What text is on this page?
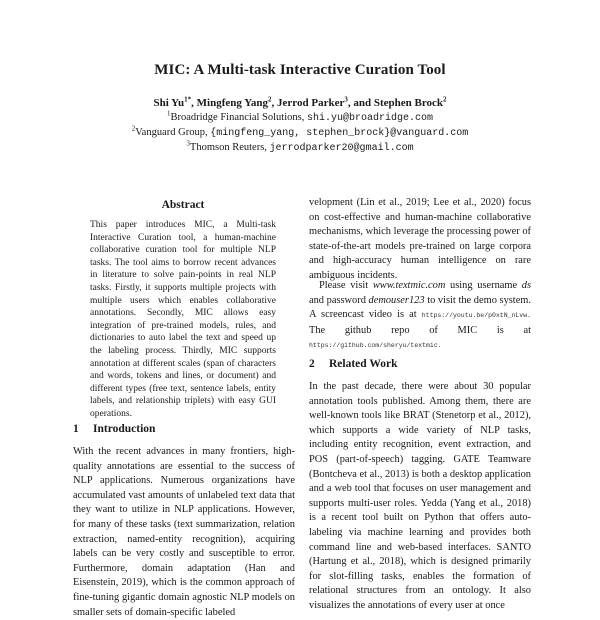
MIC: A Multi-task Interactive Curation Tool
Shi $Yu^{1*}$, Mingfeng Yang$^2$, Jerrod Parker$^3$, and Stephen Brock$^2$
$^1$Broadridge Financial Solutions, shi.yu@broadridge.com
$^2$Vanguard Group, {mingfeng_yang, stephen_brock}@vanguard.com
$^3$Thomson Reuters, jerrodparker20@gmail.com
Abstract

This paper introduces MIC, a Multi-task Interactive Curation tool, a human-machine collaborative curation tool for multiple NLP tasks. The tool aims to borrow recent advances in literature to solve pain-points in real NLP tasks. Firstly, it supports multiple projects with multiple users which enables collaborative annotations. Secondly, MIC allows easy integration of pre-trained models, rules, and dictionaries to auto label the text and speed up the labeling process. Thirdly, MIC supports annotation at different scales (span of characters and words, tokens and lines, or document) and different types (free text, sentence labels, entity labels, and relationship triplets) with easy GUI operations.

1 Introduction

With the recent advances in many frontiers, high-quality annotations are essential to the success of NLP applications. Numerous organizations have accumulated vast amounts of unlabeled text data that they want to utilize in NLP applications. However, for many of these tasks (text summarization, relation extraction, named-entity recognition), acquiring labels can be very costly and susceptible to error. Furthermore, domain adaptation (Han and Eisenstein, 2019), which is the common approach of fine-tuning gigantic domain agnostic NLP models on smaller sets of domain-specific labeled

velopment (Lin et al., 2019; Lee et al., 2020) focus on cost-effective and human-machine collaborative mechanisms, which leverage the processing power of state-of-the-art models pre-trained on large corpora and high-accuracy human intelligence on rare ambiguous incidents.

Please visit www.textmic.com using username ds and password demouser123 to visit the demo system. A screencast video is at https://youtu.be/p0xtN_nLvw. The github repo of MIC is at https://github.com/sheryu/textmic.

2 Related Work

In the past decade, there were about 30 popular annotation tools published. Among them, there are well-known tools like BRAT (Stenetorp et al., 2012), which supports a wide variety of NLP tasks, including entity recognition, event extraction, and POS (part-of-speech) tagging. GATE Teamware (Bontcheva et al., 2013) is both a desktop application and a web tool that focuses on user management and supports multi-user roles. Yedda (Yang et al., 2018) is a recent tool built on Python that offers auto-labeling via machine learning and provides both command line and web-based interfaces. SANTO (Hartung et al., 2018), which is designed primarily for slot-filling tasks, enables the formation of relational structures from an ontology. It also visualizes the annotations of every user at once
